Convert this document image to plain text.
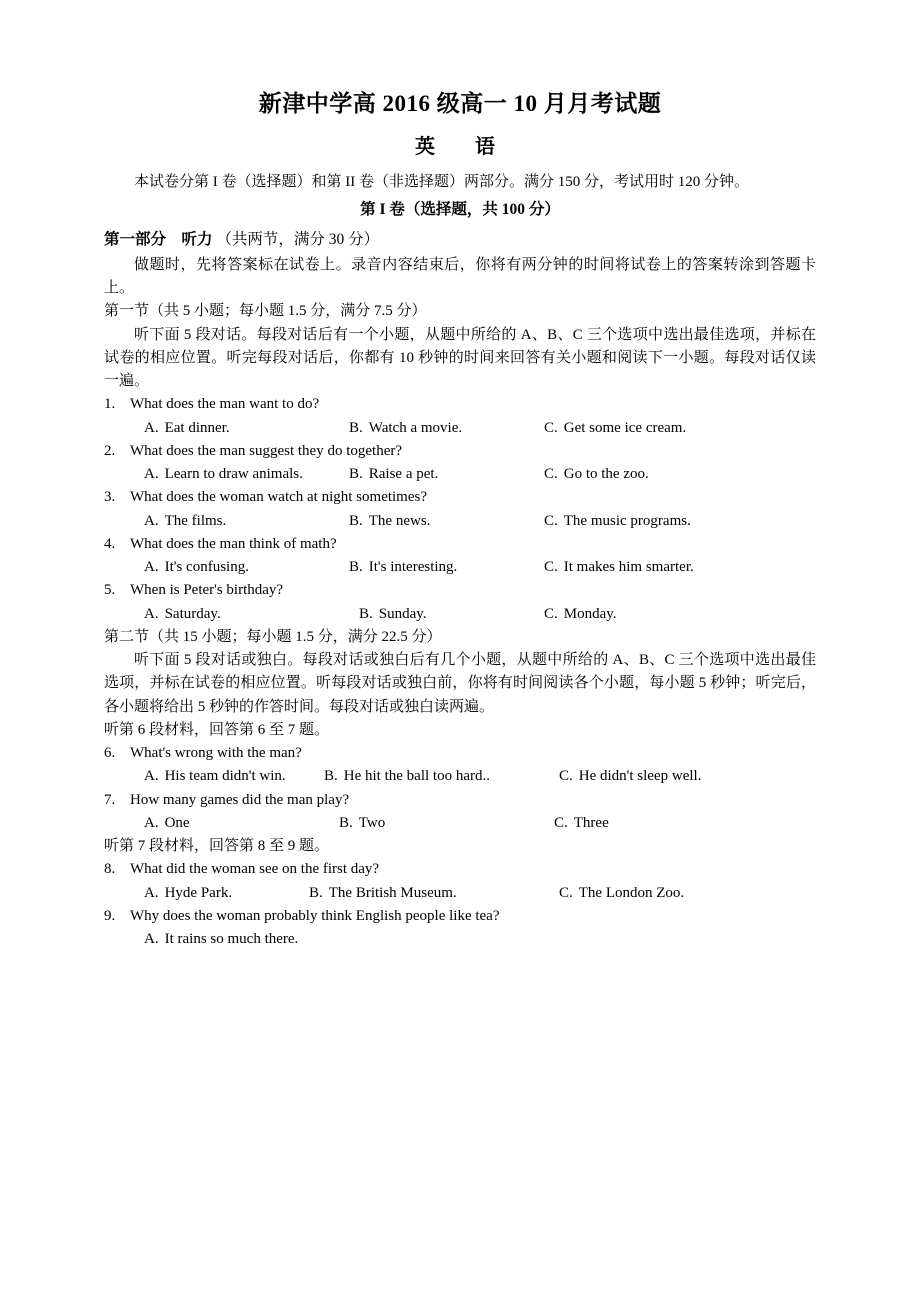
新津中学高 2016 级高一 10 月月考试题
英　语

本试卷分第 I 卷（选择题）和第 II 卷（非选择题）两部分。满分 150 分，考试用时 120 分钟。

第 I 卷（选择题，共 100 分）

第一部分 听力 （共两节，满分 30 分）

做题时，先将答案标在试卷上。录音内容结束后，你将有两分钟的时间将试卷上的答案转涂到答题卡上。

第一节（共 5 小题；每小题 1.5 分，满分 7.5 分）

听下面 5 段对话。每段对话后有一个小题，从题中所给的 A、B、C 三个选项中选出最佳选项，并标在试卷的相应位置。听完每段对话后，你都有 10 秒钟的时间来回答有关小题和阅读下一小题。每段对话仅读一遍。

1. What does the man want to do?
A. Eat dinner.	B. Watch a movie.	C. Get some ice cream.
2. What does the man suggest they do together?
A. Learn to draw animals.	B. Raise a pet.	C. Go to the zoo.
3. What does the woman watch at night sometimes?
A. The films.	B. The news.	C. The music programs.
4. What does the man think of math?
A. It's confusing.	B. It's interesting.	C. It makes him smarter.
5. When is Peter's birthday?
A. Saturday.	B. Sunday.	C. Monday.

第二节（共 15 小题；每小题 1.5 分，满分 22.5 分）

听下面 5 段对话或独白。每段对话或独白后有几个小题，从题中所给的 A、B、C 三个选项中选出最佳选项，并标在试卷的相应位置。听每段对话或独白前，你将有时间阅读各个小题，每小题 5 秒钟；听完后，各小题将给出 5 秒钟的作答时间。每段对话或独白读两遍。

听第 6 段材料，回答第 6 至 7 题。

6. What's wrong with the man?
A. His team didn't win.	B. He hit the ball too hard..	C. He didn't sleep well.
7. How many games did the man play?
A. One	B. Two	C. Three

听第 7 段材料，回答第 8 至 9 题。

8. What did the woman see on the first day?
A. Hyde Park.	B. The British Museum.	C. The London Zoo.
9. Why does the woman probably think English people like tea?
A. It rains so much there.
